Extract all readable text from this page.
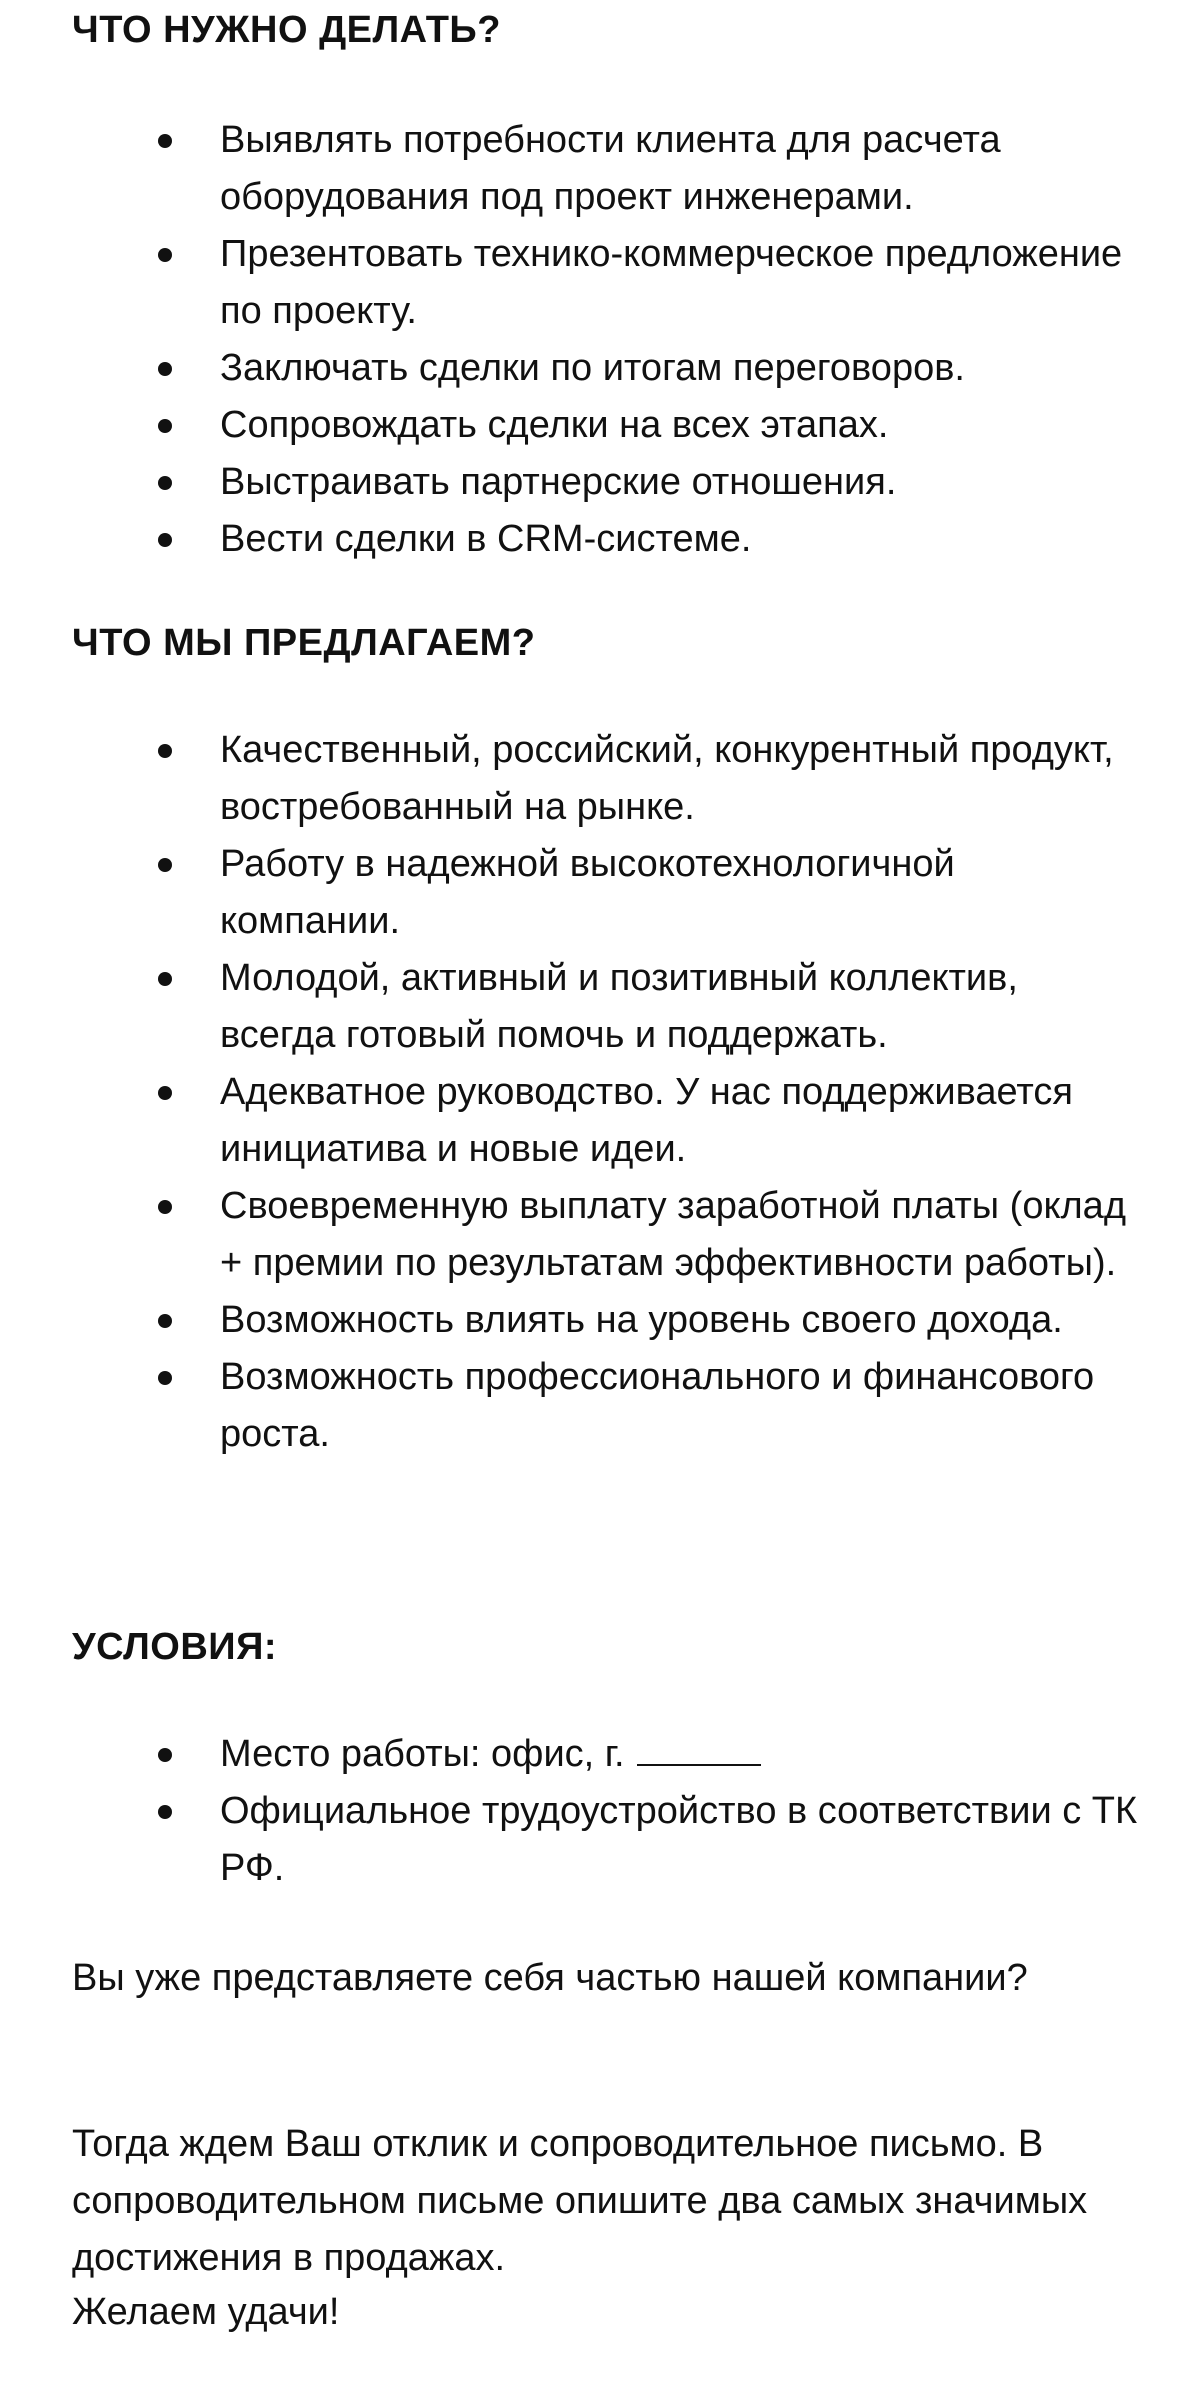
ЧТО НУЖНО ДЕЛАТЬ?
Выявлять потребности клиента для расчета оборудования под проект инженерами.
Презентовать технико-коммерческое предложение по проекту.
Заключать сделки по итогам переговоров.
Сопровождать сделки на всех этапах.
Выстраивать партнерские отношения.
Вести сделки в CRM-системе.
ЧТО МЫ ПРЕДЛАГАЕМ?
Качественный, российский, конкурентный продукт, востребованный на рынке.
Работу в надежной высокотехнологичной компании.
Молодой, активный и позитивный коллектив, всегда готовый помочь и поддержать.
Адекватное руководство. У нас поддерживается инициатива и новые идеи.
Своевременную выплату заработной платы (оклад + премии по результатам эффективности работы).
Возможность влиять на уровень своего дохода.
Возможность профессионального и финансового роста.
УСЛОВИЯ:
Место работы: офис, г.
Официальное трудоустройство в соответствии с ТК РФ.

Вы уже представляете себя частью нашей компании?

Тогда ждем Ваш отклик и сопроводительное письмо. В сопроводительном письме опишите два самых значимых достижения в продажах.

Желаем удачи!
